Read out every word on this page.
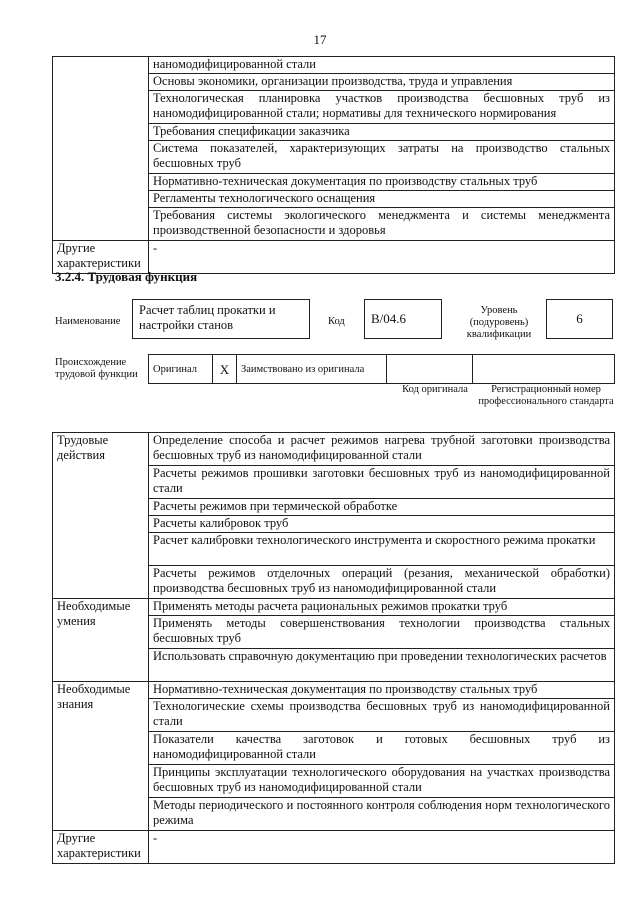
17
	наномодифицированной стали
	Основы экономики, организации производства, труда и управления
	Технологическая планировка участков производства бесшовных труб из наномодифицированной стали; нормативы для технического нормирования
	Требования спецификации заказчика
	Система показателей, характеризующих затраты на производство стальных бесшовных труб
	Нормативно-техническая документация по производству стальных труб
	Регламенты технологического оснащения
	Требования системы экологического менеджмента и системы менеджмента производственной безопасности и здоровья
Другие характеристики	-
3.2.4. Трудовая функция
Наименование
Расчет таблиц прокатки и настройки станов	Код	B/04.6
Уровень (подуровень) квалификации
6
Происхождение трудовой функции	Оригинал	X	Заимствовано из оригинала		
Код оригинала	Регистрационный номер профессионального стандарта
Трудовые действия	Определение способа и расчет режимов нагрева трубной заготовки производства бесшовных труб из наномодифицированной стали
	Расчеты режимов прошивки заготовки бесшовных труб из наномодифицированной стали
	Расчеты режимов при термической обработке
	Расчеты калибровок труб
	Расчет калибровки технологического инструмента и скоростного режима прокатки
	Расчеты режимов отделочных операций (резания, механической обработки) производства бесшовных труб из наномодифицированной стали
Необходимые умения	Применять методы расчета рациональных режимов прокатки труб
	Применять методы совершенствования технологии производства стальных бесшовных труб
	Использовать справочную документацию при проведении технологических расчетов
Необходимые знания	Нормативно-техническая документация по производству стальных труб
	Технологические схемы производства бесшовных труб из наномодифицированной стали
	Показатели качества заготовок и готовых бесшовных труб из наномодифицированной стали
	Принципы эксплуатации технологического оборудования на участках производства бесшовных труб из наномодифицированной стали
	Методы периодического и постоянного контроля соблюдения норм технологического режима
Другие характеристики	-
